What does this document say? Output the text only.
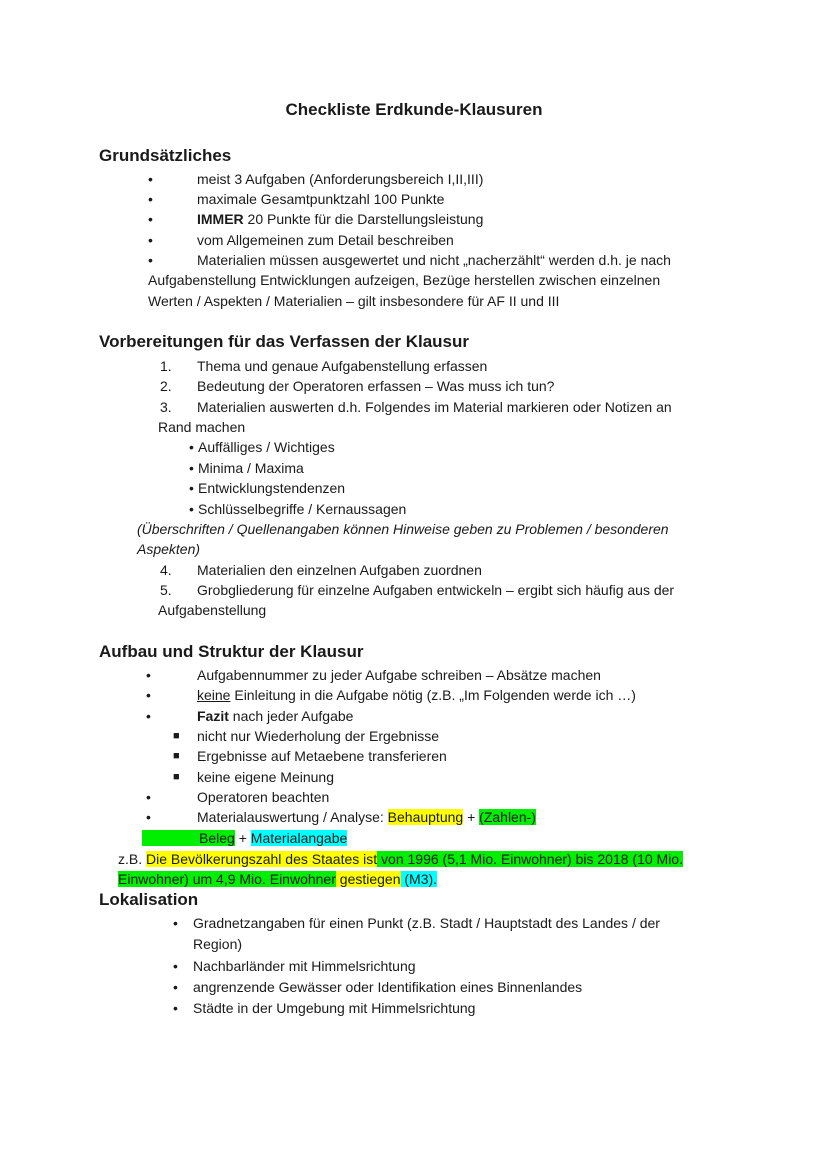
Checkliste Erdkunde-Klausuren
Grundsätzliches
•	meist 3 Aufgaben (Anforderungsbereich I,II,III)
•	maximale Gesamtpunktzahl 100 Punkte
•	IMMER 20 Punkte für die Darstellungsleistung
•	vom Allgemeinen zum Detail beschreiben
•	Materialien müssen ausgewertet und nicht „nacherzählt“ werden d.h. je nach
Aufgabenstellung Entwicklungen aufzeigen, Bezüge herstellen zwischen einzelnen
Werten / Aspekten / Materialien – gilt insbesondere für AF II und III
Vorbereitungen für das Verfassen der Klausur
1. Thema und genaue Aufgabenstellung erfassen
2. Bedeutung der Operatoren erfassen – Was muss ich tun?
3. Materialien auswerten d.h. Folgendes im Material markieren oder Notizen an
Rand machen
• Auffälliges / Wichtiges
• Minima / Maxima
• Entwicklungstendenzen
• Schlüsselbegriffe / Kernaussagen
(Überschriften / Quellenangaben können Hinweise geben zu Problemen / besonderen
Aspekten)
4. Materialien den einzelnen Aufgaben zuordnen
5. Grobgliederung für einzelne Aufgaben entwickeln – ergibt sich häufig aus der
Aufgabenstellung
Aufbau und Struktur der Klausur
•	Aufgabennummer zu jeder Aufgabe schreiben – Absätze machen
•	keine Einleitung in die Aufgabe nötig (z.B. „Im Folgenden werde ich …)
•	Fazit nach jeder Aufgabe
■ nicht nur Wiederholung der Ergebnisse
■ Ergebnisse auf Metaebene transferieren
■ keine eigene Meinung
•	Operatoren beachten
•	Materialauswertung / Analyse: Behauptung + (Zahlen-)
Beleg + Materialangabe
z.B. Die Bevölkerungszahl des Staates ist von 1996 (5,1 Mio. Einwohner) bis 2018 (10 Mio.
Einwohner) um 4,9 Mio. Einwohner gestiegen (M3).
Lokalisation
• Gradnetzangaben für einen Punkt (z.B. Stadt / Hauptstadt des Landes / der
Region)
• Nachbarländer mit Himmelsrichtung
• angrenzende Gewässer oder Identifikation eines Binnenlandes
• Städte in der Umgebung mit Himmelsrichtung
